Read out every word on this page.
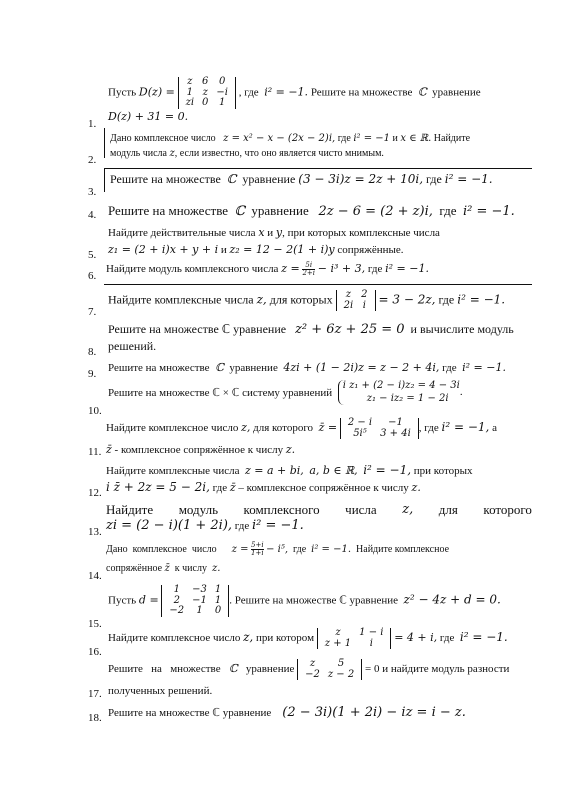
Пусть D(z) =
z	6	0
1	z	−i
zi	0	1
, где i² = −1. Решите на множестве ℂ уравнение
D(z) + 31 = 0.
1.
Дано комплексное число z = x² − x − (2x − 2)i, где i² = −1 и x ∈ ℝ. Найдите
модуль числа z, если известно, что оно является чисто мнимым.
2.
Решите на множестве ℂ уравнение (3 − 3i)z = 2z + 10i, где i² = −1.
3.
Решите на множестве ℂ уравнение 2z − 6 = (2 + z)i, где i² = −1.
4.
Найдите действительные числа x и y, при которых комплексные числа
z₁ = (2 + i)x + y + i и z₂ = 12 − 2(1 + i)y сопряжённые.
5.
Найдите модуль комплексного числа $z = \frac{5i}{2+i} - i^3 + 3$, где i² = −1.
6.
Найдите комплексные числа z, для которых z	2
2i	i = 3 − 2z, где i² = −1.
7.
Решите на множестве ℂ уравнение z² + 6z + 25 = 0 и вычислите модуль
решений.
8.
Решите на множестве ℂ уравнение 4zi + (1 − 2i)z = z − 2 + 4i, где i² = −1.
9.
Решите на множестве ℂ × ℂ систему уравнений
i z₁ + (2 − i)z₂ = 4 − 3i
z₁ − iz₂ = 1 − 2i	.
10.
Найдите комплексное число z, для которого z̄ = 2 − i	−1
5i⁵	3 + 4i , где i² = −1, а
z̄ - комплексное сопряжённое к числу z.
11.
Найдите комплексные числа z = a + bi, a, b ∈ ℝ, i² = −1, при которых
i z̄ + 2z = 5 − 2i, где z̄ – комплексное сопряжённое к числу z.
12.
Найдите модуль комплексного числа z, для которого
zi = (2 − i)(1 + 2i), где i² = −1.
13.
Дано комплексное число $z = \frac{5+i}{1+i} - i^5$, где i² = −1. Найдите комплексное
сопряжённое z̄ к числу z.
14.
Пусть d =
1	−3	1
2	−1	1
−2	1	0
. Решите на множестве ℂ уравнение z² − 4z + d = 0.
15.
Найдите комплексное число z, при котором z	1 − i
z + 1	i = 4 + i, где i² = −1.
16.
Решите на множестве ℂ уравнение z	5
−2	z − 2 = 0 и найдите модуль разности
полученных решений.
17.
Решите на множестве ℂ уравнение (2 − 3i)(1 + 2i) − iz = i − z.
18.
